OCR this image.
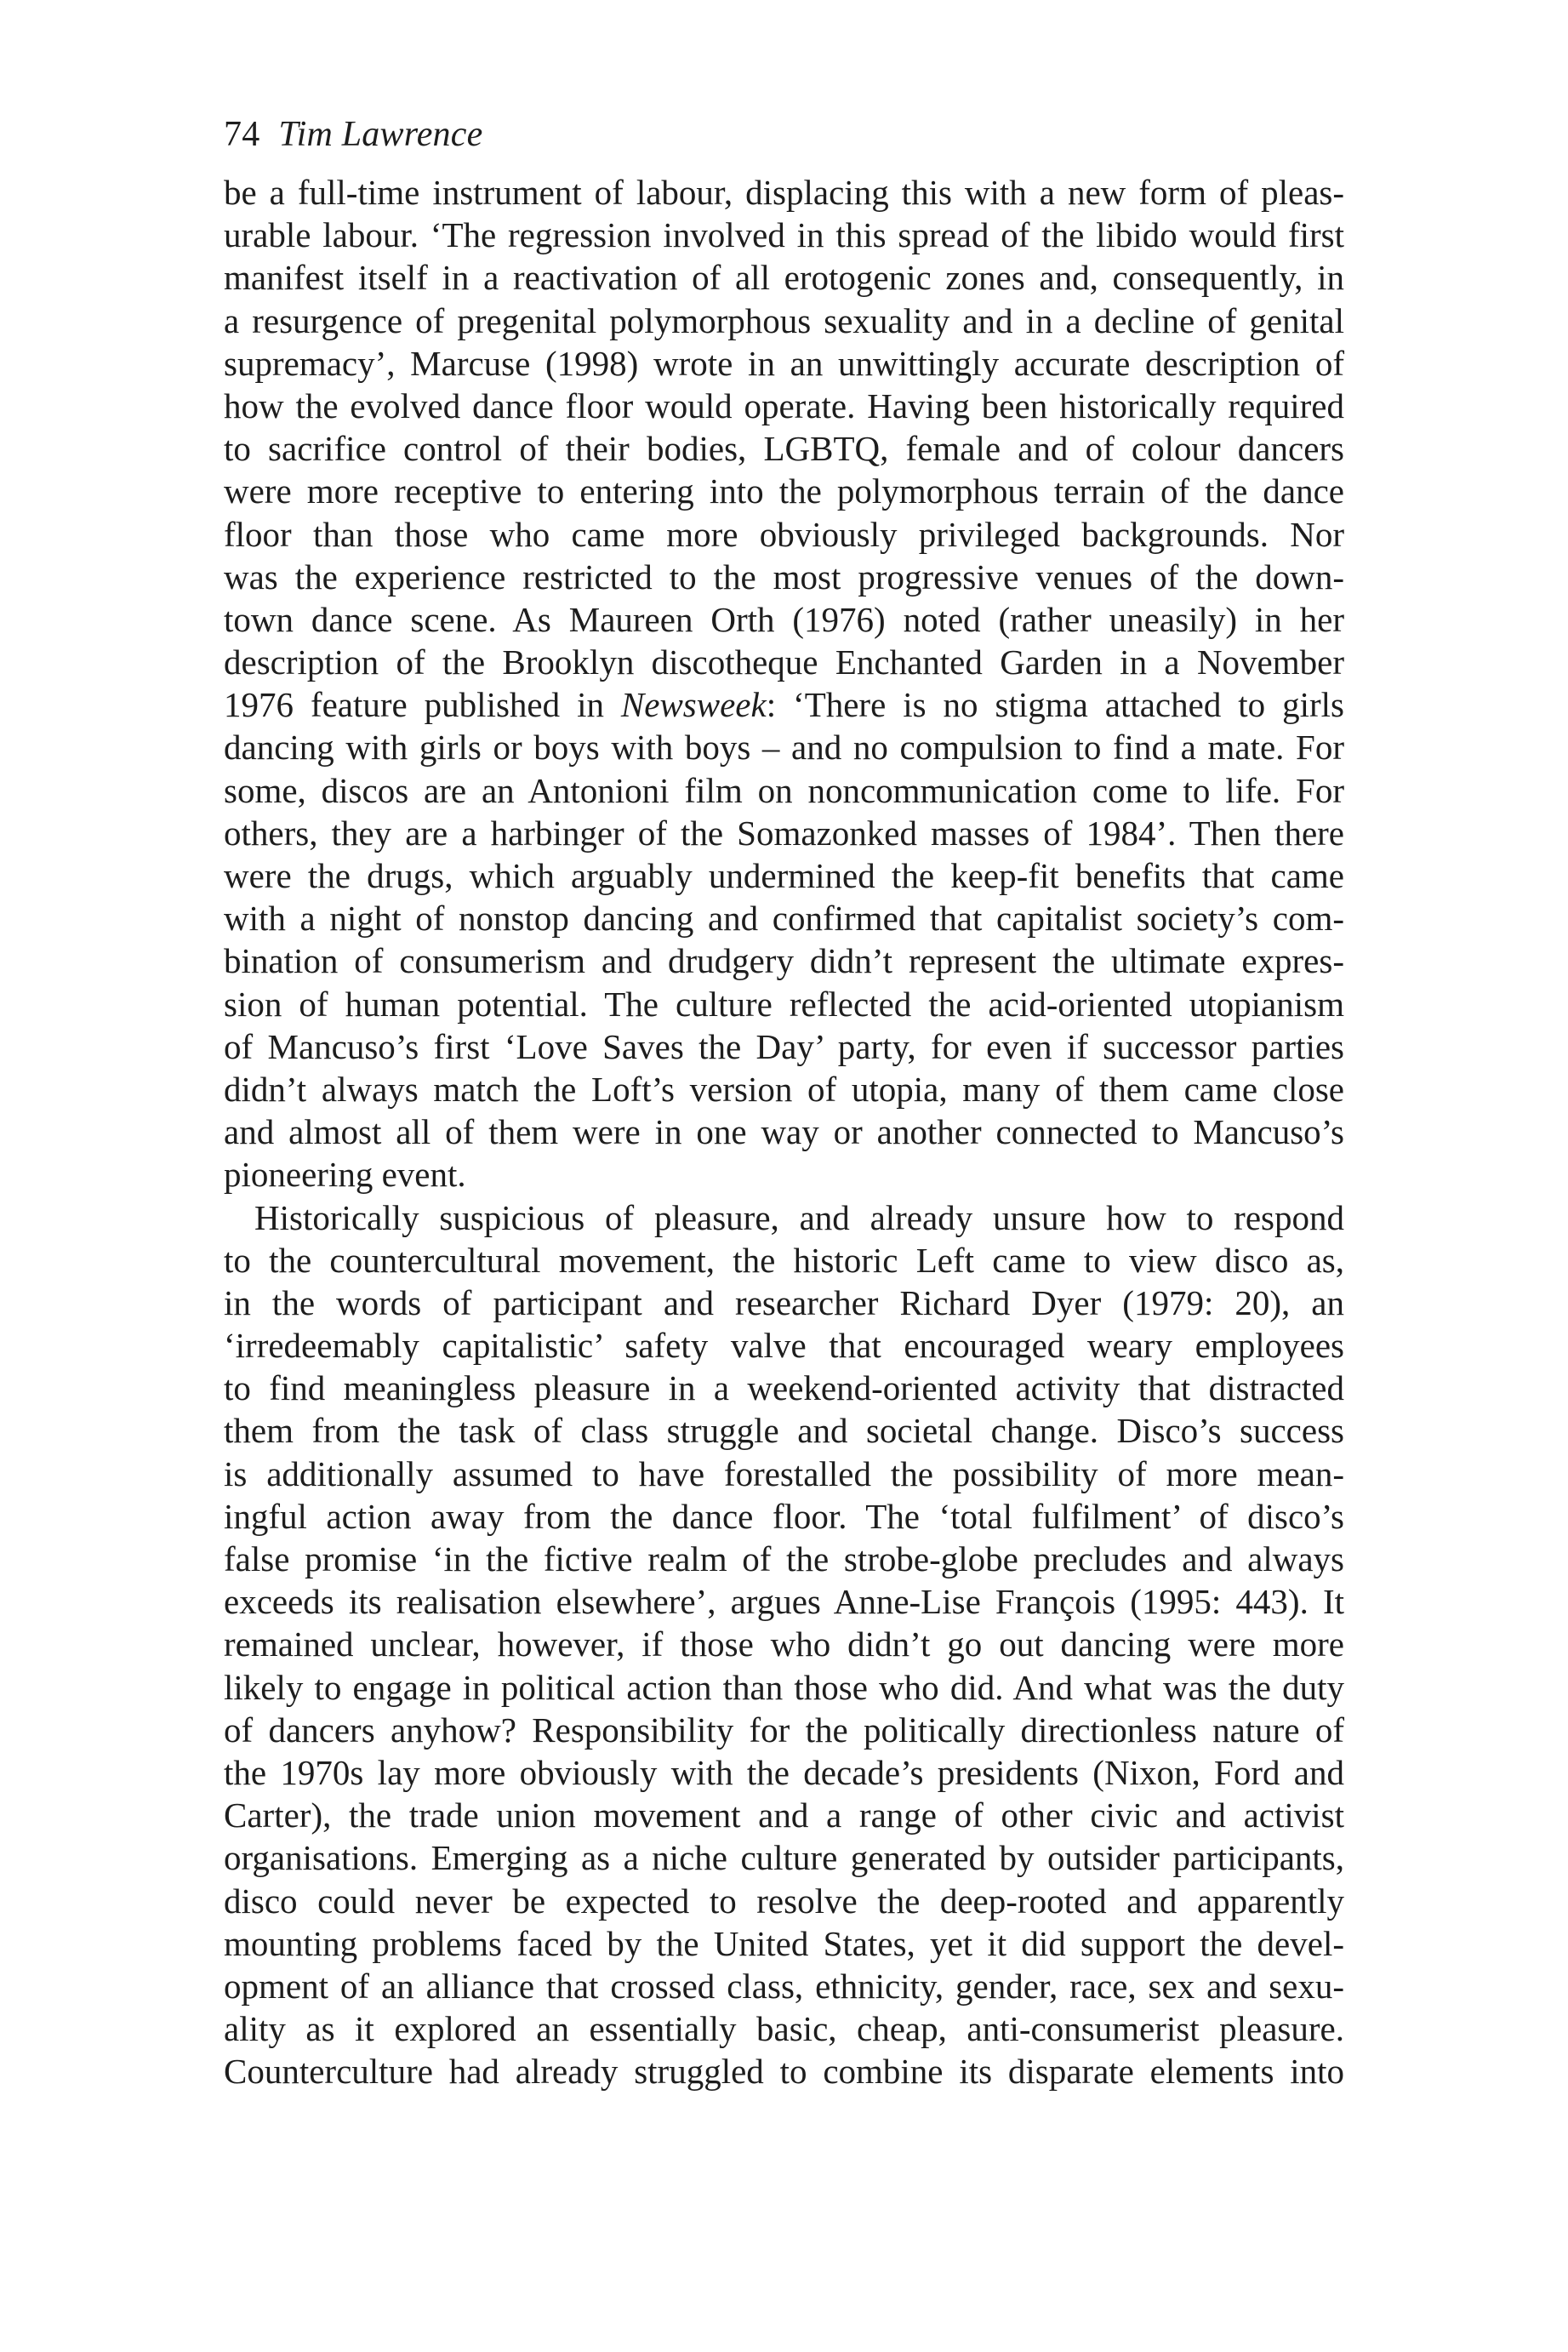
74 Tim Lawrence
be a full-time instrument of labour, displacing this with a new form of pleas-
urable labour. ‘The regression involved in this spread of the libido would first
manifest itself in a reactivation of all erotogenic zones and, consequently, in
a resurgence of pregenital polymorphous sexuality and in a decline of genital
supremacy’, Marcuse (1998) wrote in an unwittingly accurate description of
how the evolved dance floor would operate. Having been historically required
to sacrifice control of their bodies, LGBTQ, female and of colour dancers
were more receptive to entering into the polymorphous terrain of the dance
floor than those who came more obviously privileged backgrounds. Nor
was the experience restricted to the most progressive venues of the down-
town dance scene. As Maureen Orth (1976) noted (rather uneasily) in her
description of the Brooklyn discotheque Enchanted Garden in a November
1976 feature published in Newsweek: ‘There is no stigma attached to girls
dancing with girls or boys with boys – and no compulsion to find a mate. For
some, discos are an Antonioni film on noncommunication come to life. For
others, they are a harbinger of the Somazonked masses of 1984’. Then there
were the drugs, which arguably undermined the keep-fit benefits that came
with a night of nonstop dancing and confirmed that capitalist society’s com-
bination of consumerism and drudgery didn’t represent the ultimate expres-
sion of human potential. The culture reflected the acid-oriented utopianism
of Mancuso’s first ‘Love Saves the Day’ party, for even if successor parties
didn’t always match the Loft’s version of utopia, many of them came close
and almost all of them were in one way or another connected to Mancuso’s
pioneering event.
Historically suspicious of pleasure, and already unsure how to respond
to the countercultural movement, the historic Left came to view disco as,
in the words of participant and researcher Richard Dyer (1979: 20), an
‘irredeemably capitalistic’ safety valve that encouraged weary employees
to find meaningless pleasure in a weekend-oriented activity that distracted
them from the task of class struggle and societal change. Disco’s success
is additionally assumed to have forestalled the possibility of more mean-
ingful action away from the dance floor. The ‘total fulfilment’ of disco’s
false promise ‘in the fictive realm of the strobe-globe precludes and always
exceeds its realisation elsewhere’, argues Anne-Lise François (1995: 443). It
remained unclear, however, if those who didn’t go out dancing were more
likely to engage in political action than those who did. And what was the duty
of dancers anyhow? Responsibility for the politically directionless nature of
the 1970s lay more obviously with the decade’s presidents (Nixon, Ford and
Carter), the trade union movement and a range of other civic and activist
organisations. Emerging as a niche culture generated by outsider participants,
disco could never be expected to resolve the deep-rooted and apparently
mounting problems faced by the United States, yet it did support the devel-
opment of an alliance that crossed class, ethnicity, gender, race, sex and sexu-
ality as it explored an essentially basic, cheap, anti-consumerist pleasure.
Counterculture had already struggled to combine its disparate elements into
